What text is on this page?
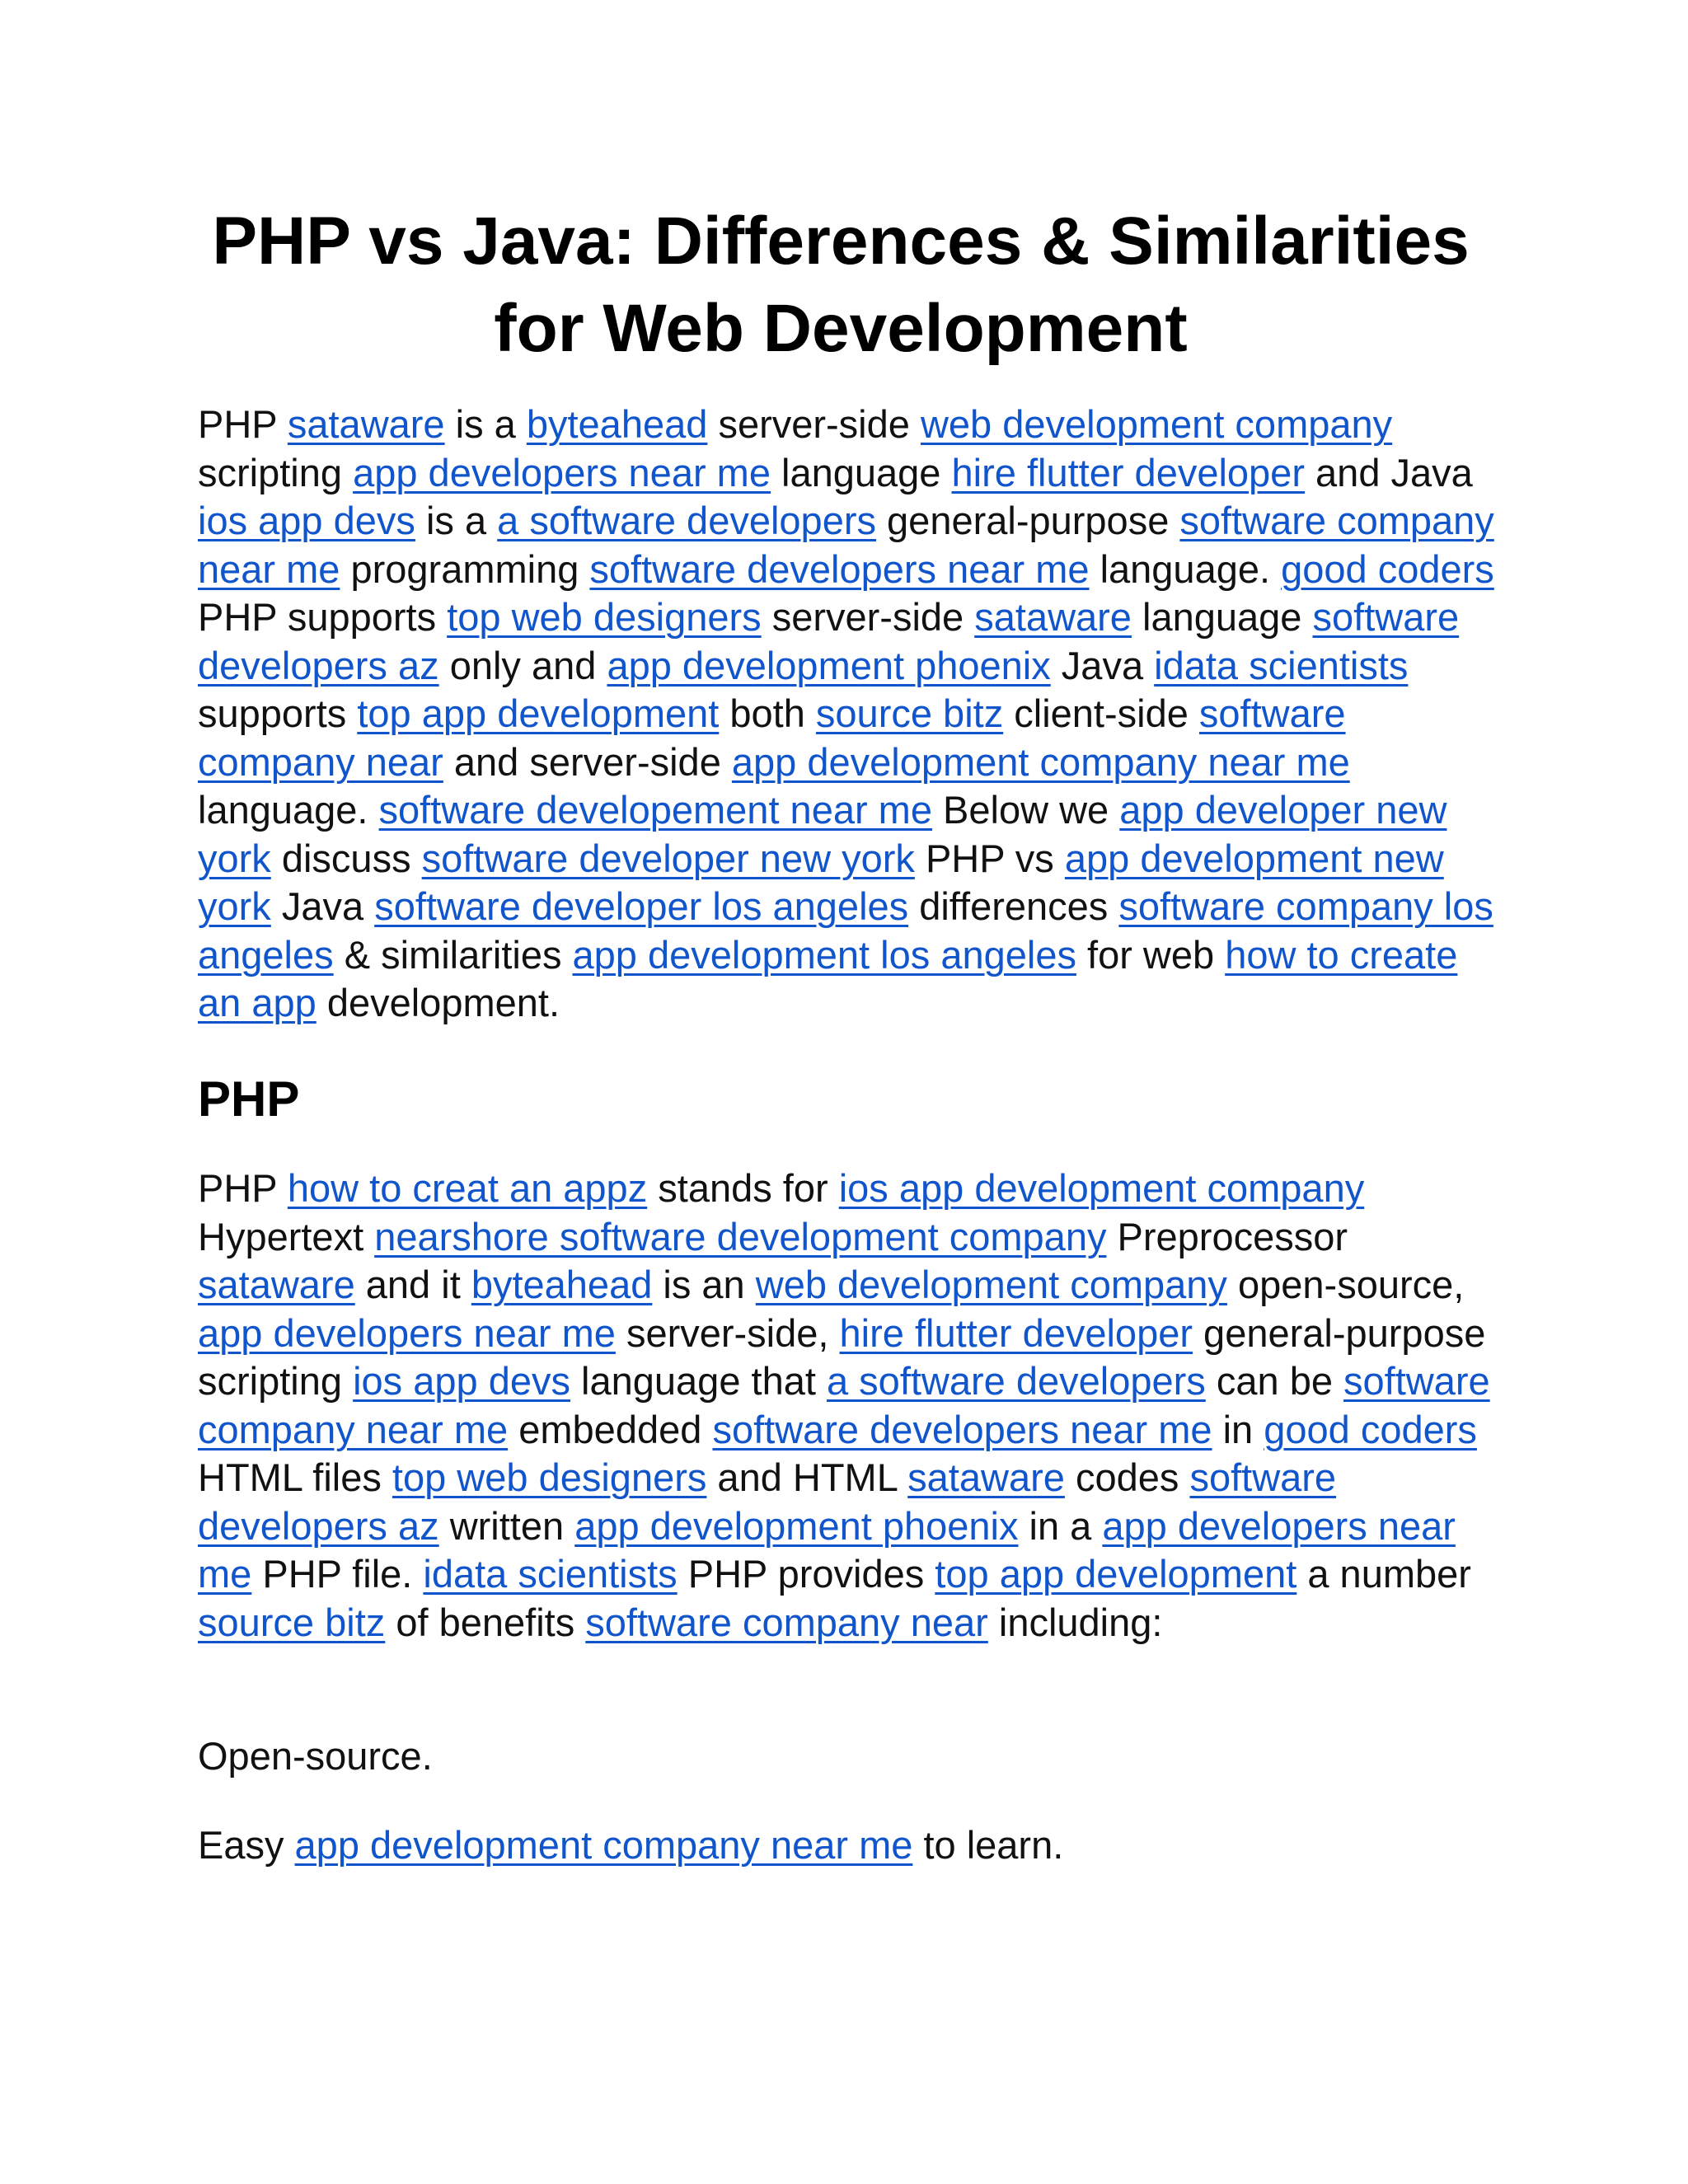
PHP vs Java: Differences & Similarities
for Web Development

PHP sataware is a byteahead server-side web development company scripting app developers near me language hire flutter developer and Java ios app devs is a a software developers general-purpose software company near me programming software developers near me language. good coders PHP supports top web designers server-side sataware language software developers az only and app development phoenix Java idata scientists supports top app development both source bitz client-side software company near and server-side app development company near me language. software developement near me Below we app developer new york discuss software developer new york PHP vs app development new york Java software developer los angeles differences software company los angeles & similarities app development los angeles for web how to create an app development.

PHP

PHP how to creat an appz stands for ios app development company Hypertext nearshore software development company Preprocessor sataware and it byteahead is an web development company open-source, app developers near me server-side, hire flutter developer general-purpose scripting ios app devs language that a software developers can be software company near me embedded software developers near me in good coders HTML files top web designers and HTML sataware codes software developers az written app development phoenix in a app developers near me PHP file. idata scientists PHP provides top app development a number source bitz of benefits software company near including:

Open-source.

Easy app development company near me to learn.
